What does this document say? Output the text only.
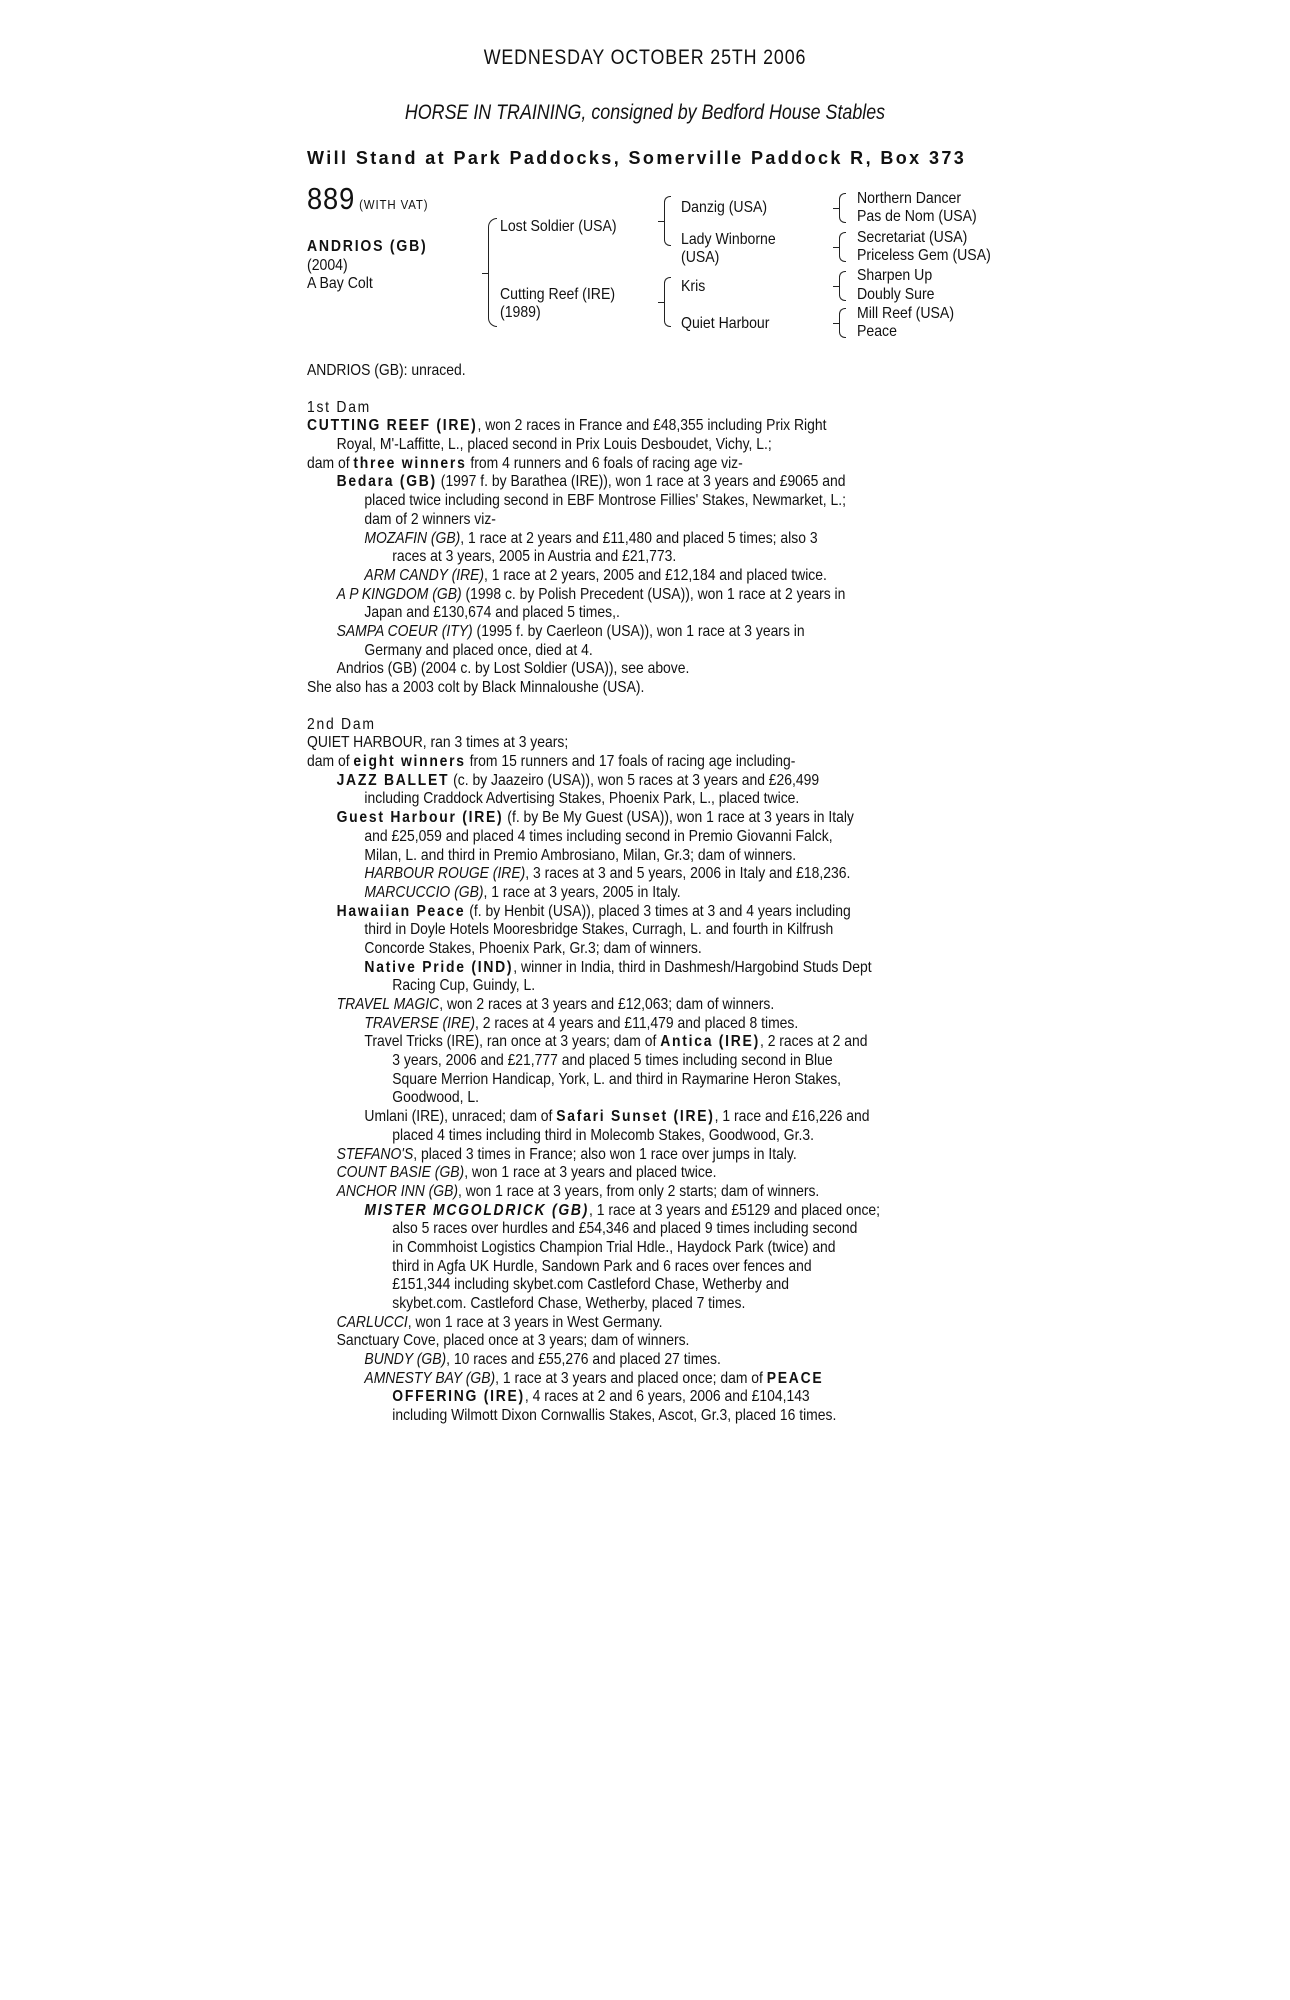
WEDNESDAY OCTOBER 25TH 2006
HORSE IN TRAINING, consigned by Bedford House Stables
Will Stand at Park Paddocks, Somerville Paddock R, Box 373
889 (WITH VAT)
ANDRIOS (GB)
(2004)
A Bay Colt
Lost Soldier (USA)
Cutting Reef (IRE)
(1989)
Danzig (USA)
Lady Winborne
(USA)
Kris
Quiet Harbour
Northern Dancer
Pas de Nom (USA)
Secretariat (USA)
Priceless Gem (USA)
Sharpen Up
Doubly Sure
Mill Reef (USA)
Peace
ANDRIOS (GB): unraced.
1st Dam
CUTTING REEF (IRE), won 2 races in France and £48,355 including Prix Right
Royal, M'-Laffitte, L., placed second in Prix Louis Desboudet, Vichy, L.;
dam of three winners from 4 runners and 6 foals of racing age viz-
Bedara (GB) (1997 f. by Barathea (IRE)), won 1 race at 3 years and £9065 and
placed twice including second in EBF Montrose Fillies' Stakes, Newmarket, L.;
dam of 2 winners viz-
MOZAFIN (GB), 1 race at 2 years and £11,480 and placed 5 times; also 3
races at 3 years, 2005 in Austria and £21,773.
ARM CANDY (IRE), 1 race at 2 years, 2005 and £12,184 and placed twice.
A P KINGDOM (GB) (1998 c. by Polish Precedent (USA)), won 1 race at 2 years in
Japan and £130,674 and placed 5 times,.
SAMPA COEUR (ITY) (1995 f. by Caerleon (USA)), won 1 race at 3 years in
Germany and placed once, died at 4.
Andrios (GB) (2004 c. by Lost Soldier (USA)), see above.
She also has a 2003 colt by Black Minnaloushe (USA).
2nd Dam
QUIET HARBOUR, ran 3 times at 3 years;
dam of eight winners from 15 runners and 17 foals of racing age including-
JAZZ BALLET (c. by Jaazeiro (USA)), won 5 races at 3 years and £26,499
including Craddock Advertising Stakes, Phoenix Park, L., placed twice.
Guest Harbour (IRE) (f. by Be My Guest (USA)), won 1 race at 3 years in Italy
and £25,059 and placed 4 times including second in Premio Giovanni Falck,
Milan, L. and third in Premio Ambrosiano, Milan, Gr.3; dam of winners.
HARBOUR ROUGE (IRE), 3 races at 3 and 5 years, 2006 in Italy and £18,236.
MARCUCCIO (GB), 1 race at 3 years, 2005 in Italy.
Hawaiian Peace (f. by Henbit (USA)), placed 3 times at 3 and 4 years including
third in Doyle Hotels Mooresbridge Stakes, Curragh, L. and fourth in Kilfrush
Concorde Stakes, Phoenix Park, Gr.3; dam of winners.
Native Pride (IND), winner in India, third in Dashmesh/Hargobind Studs Dept
Racing Cup, Guindy, L.
TRAVEL MAGIC, won 2 races at 3 years and £12,063; dam of winners.
TRAVERSE (IRE), 2 races at 4 years and £11,479 and placed 8 times.
Travel Tricks (IRE), ran once at 3 years; dam of Antica (IRE), 2 races at 2 and
3 years, 2006 and £21,777 and placed 5 times including second in Blue
Square Merrion Handicap, York, L. and third in Raymarine Heron Stakes,
Goodwood, L.
Umlani (IRE), unraced; dam of Safari Sunset (IRE), 1 race and £16,226 and
placed 4 times including third in Molecomb Stakes, Goodwood, Gr.3.
STEFANO'S, placed 3 times in France; also won 1 race over jumps in Italy.
COUNT BASIE (GB), won 1 race at 3 years and placed twice.
ANCHOR INN (GB), won 1 race at 3 years, from only 2 starts; dam of winners.
MISTER MCGOLDRICK (GB), 1 race at 3 years and £5129 and placed once;
also 5 races over hurdles and £54,346 and placed 9 times including second
in Commhoist Logistics Champion Trial Hdle., Haydock Park (twice) and
third in Agfa UK Hurdle, Sandown Park and 6 races over fences and
£151,344 including skybet.com Castleford Chase, Wetherby and
skybet.com. Castleford Chase, Wetherby, placed 7 times.
CARLUCCI, won 1 race at 3 years in West Germany.
Sanctuary Cove, placed once at 3 years; dam of winners.
BUNDY (GB), 10 races and £55,276 and placed 27 times.
AMNESTY BAY (GB), 1 race at 3 years and placed once; dam of PEACE
OFFERING (IRE), 4 races at 2 and 6 years, 2006 and £104,143
including Wilmott Dixon Cornwallis Stakes, Ascot, Gr.3, placed 16 times.
